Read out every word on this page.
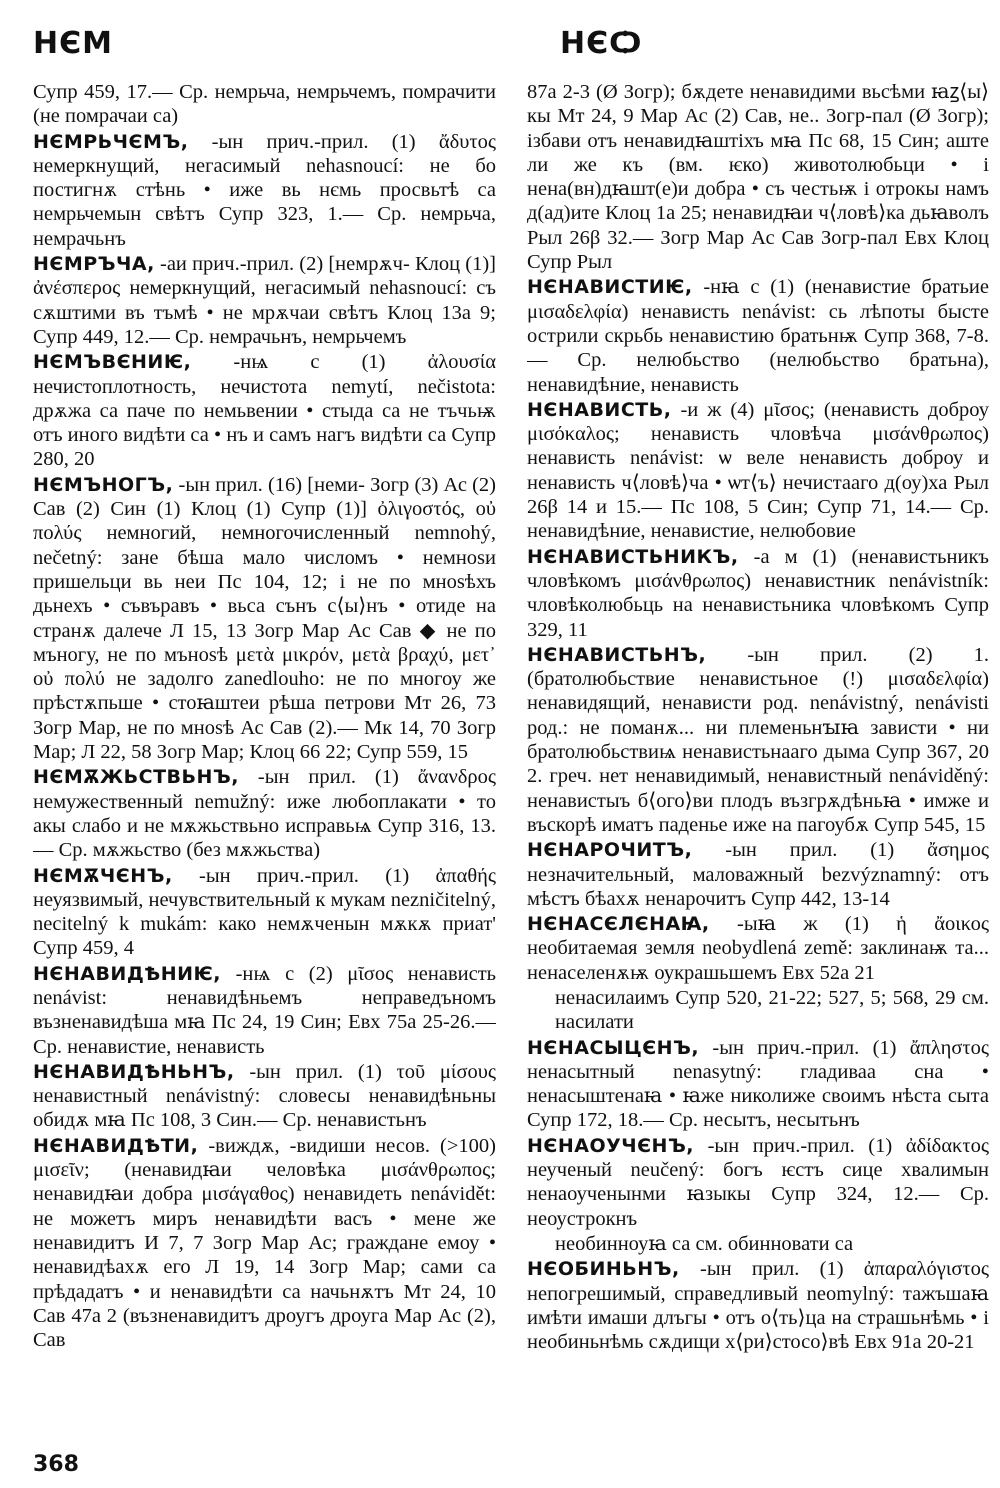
НЄМ	НЄѺ

Супр 459, 17.— Ср. немрьча, немрьчемъ, помрачити (не помрачаи са)

НЄМРЬЧЄМЪ, -ын прич.-прил. (1) ἄδυτος немеркнущий, негасимый nehasnoucí: не бо постигнѫ стѣнь • иже вь нємь просвьтѣ са немрьчемын свѣтъ Супр 323, 1.— Ср. немрьча, немрачьнъ

НЄМРЪЧА, -аи прич.-прил. (2) [немрѫч- Клоц (1)] ἀνέσπερος немеркнущий, негасимый nehasnoucí: съ сѫштими въ тъмѣ • не мрѫчаи свѣтъ Клоц 13а 9; Супр 449, 12.— Ср. немрачьнъ, немрьчемъ

НЄМЪВЄНИѤ, -нѩ с (1) ἀλουσία нечистоплотность, нечистота nemytí, nečistota: дрѫжа са паче по немьвении • стыда са не тъчьѭ отъ иного видѣти са • нъ и самъ нагъ видѣти са Супр 280, 20

НЄМЪНОГЪ, -ын прил. (16) [неми- Зогр (3) Ас (2) Сав (2) Син (1) Клоц (1) Супр (1)] ὀλιγοστός, οὐ πολύς немногий, немногочисленный nemnohý, nečetný: зане бѣша мало числомъ • немноѕи пришельци вь неи Пс 104, 12; і не по мноѕѣхъ дьнехъ • съвъравъ • вьса сънъ с⟨ы⟩нъ • отиде на странѫ далече Л 15, 13 Зогр Мар Ас Сав ◆ не по мъногу, не по мъноѕѣ μετὰ μικρόν, μετὰ βραχύ, μετ᾽ οὐ πολύ не задолго zanedlouho: не по многоу же прѣстѫпьше • стоꙗштеи рѣша петрови Мт 26, 73 Зогр Мар, не по мноѕѣ Ас Сав (2).— Мк 14, 70 Зогр Мар; Л 22, 58 Зогр Мар; Клоц 66 22; Супр 559, 15

НЄМѪЖЬСТВЬНЪ, -ын прил. (1) ἄνανδρος немужественный nemužný: иже любоплакати • то акы слабо и не мѫжьствьно исправьѩ Супр 316, 13.— Ср. мѫжьство (без мѫжьства)

НЄМѪЧЄНЪ, -ын прич.-прил. (1) ἀπαθής неуязвимый, нечувствительный к мукам nezničitelný, necitelný k mukám: како немѫченын мѫкѫ приат' Супр 459, 4

НЄНАВИДѢНИѤ, -нѩ с (2) μῖσος ненависть nenávist: ненавидѣньемъ неправедъномъ възненавидѣша мꙗ Пс 24, 19 Син; Евх 75а 25-26.— Ср. ненавистие, ненависть

НЄНАВИДѢНЬНЪ, -ын прил. (1) τοῦ μίσους ненавистный nenávistný: словесы ненавидѣньны обидѫ мꙗ Пс 108, 3 Син.— Ср. ненавистьнъ

НЄНАВИДѢТИ, -виждѫ, -видиши несов. (>100) μισεῖν; (ненавидꙗи человѣка μισάνθρωπος; ненавидꙗи добра μισάγαθος) ненавидеть nenávidět: не можетъ миръ ненавидѣти васъ • мене же ненавидитъ И 7, 7 Зогр Мар Ас; граждане емоу • ненавидѣахѫ его Л 19, 14 Зогр Мар; сами са прѣдадатъ • и ненавидѣти са начьнѫтъ Мт 24, 10 Сав 47а 2 (възненавидитъ дроугъ дроуга Мар Ас (2), Сав

87а 2-3 (Ø Зогр); бѫдете ненавидими вьсѣми ꙗꙁ⟨ы⟩кы Мт 24, 9 Мар Ас (2) Сав, не.. Зогр-пал (Ø Зогр); ізбави отъ ненавидꙗштіхъ мꙗ Пс 68, 15 Син; аште ли же къ (вм. ѥко) животолюбьци • і нена(вн)дꙗшт(е)и добра • съ честьѭ і отрокы намъ д(ад)ите Клоц 1а 25; ненавидꙗи ч⟨ловѣ⟩ка дьꙗволъ Рыл 26β 32.— Зогр Мар Ас Сав Зогр-пал Евх Клоц Супр Рыл

НЄНАВИСТИѤ, -нꙗ с (1) (ненавистие братьие μισαδελφία) ненависть nenávist: сь лѣпоты быстe острили скрьбь ненавистию братьнѭ Супр 368, 7-8.— Ср. нелюбьство (нелюбьство братьна), ненавидѣние, ненависть

НЄНАВИСТЬ, -и ж (4) μῖσος; (ненависть доброу μισόκαλος; ненависть чловѣча μισάνθρωπος) ненависть nenávist: ѡ веле ненависть доброу и ненависть ч⟨ловѣ⟩ча • ѡт⟨ъ⟩ нечистааго д(оу)ха Рыл 26β 14 и 15.— Пс 108, 5 Син; Супр 71, 14.— Ср. ненавидѣние, ненавистие, нелюбовие

НЄНАВИСТЬНИКЪ, -а м (1) (ненавистьникъ чловѣкомъ μισάνθρωπος) ненавистник nenávistník: чловѣколюбьць на ненавистьника чловѣкомъ Супр 329, 11

НЄНАВИСТЬНЪ, -ын прил. (2) 1. (братолюбьствие ненавистьное (!) μισαδελφία) ненавидящий, ненависти род. nenávistný, nenávisti род.: не поманѫ... ни племеньнꙑꙗ зависти • ни братолюбьствиѩ ненавистьнааго дыма Супр 367, 20 2. греч. нет ненавидимый, ненавистный nenáviděný: ненавистыъ б⟨ого⟩ви плодъ възгрѫдѣньꙗ • имже и въскорѣ иматъ паденье иже на пагоубѫ Супр 545, 15

НЄНАРОЧИТЪ, -ын прил. (1) ἄσημος незначительный, маловажный bezvýznamný: отъ мѣстъ бѣахѫ ненарочитъ Супр 442, 13-14

НЄНАСЄЛЄНАꙖ, -ыꙗ ж (1) ἡ ἄοικος необитаемая земля neobydlená země: заклинаѭ та... ненаселенѫѭ оукрашьшемъ Евх 52а 21

ненасилаимъ Супр 520, 21-22; 527, 5; 568, 29 см. насилати

НЄНАСЫЦЄНЪ, -ын прич.-прил. (1) ἄπληστος ненасытный nenasytný: гладиваа сна • ненасыштенаꙗ • ꙗже николиже своимъ нѣста сыта Супр 172, 18.— Ср. несытъ, несытьнъ

НЄНАОУЧЄНЪ, -ын прич.-прил. (1) ἀδίδακτος неученый neučený: богъ ѥстъ сице хвалимын ненаоученынми ꙗзыкы Супр 324, 12.— Ср. неоустрокнъ

необинноуꙗ са см. обинновати са

НЄОБИНЬНЪ, -ын прил. (1) ἀπαραλόγιστος непогрешимый, справедливый neomylný: тажъшаꙗ имѣти имаши длъгы • отъ о⟨ть⟩ца на страшьнѣмь • і необиньнѣмь сѫдищи х⟨ри⟩стосо⟩вѣ Евх 91а 20-21

368
